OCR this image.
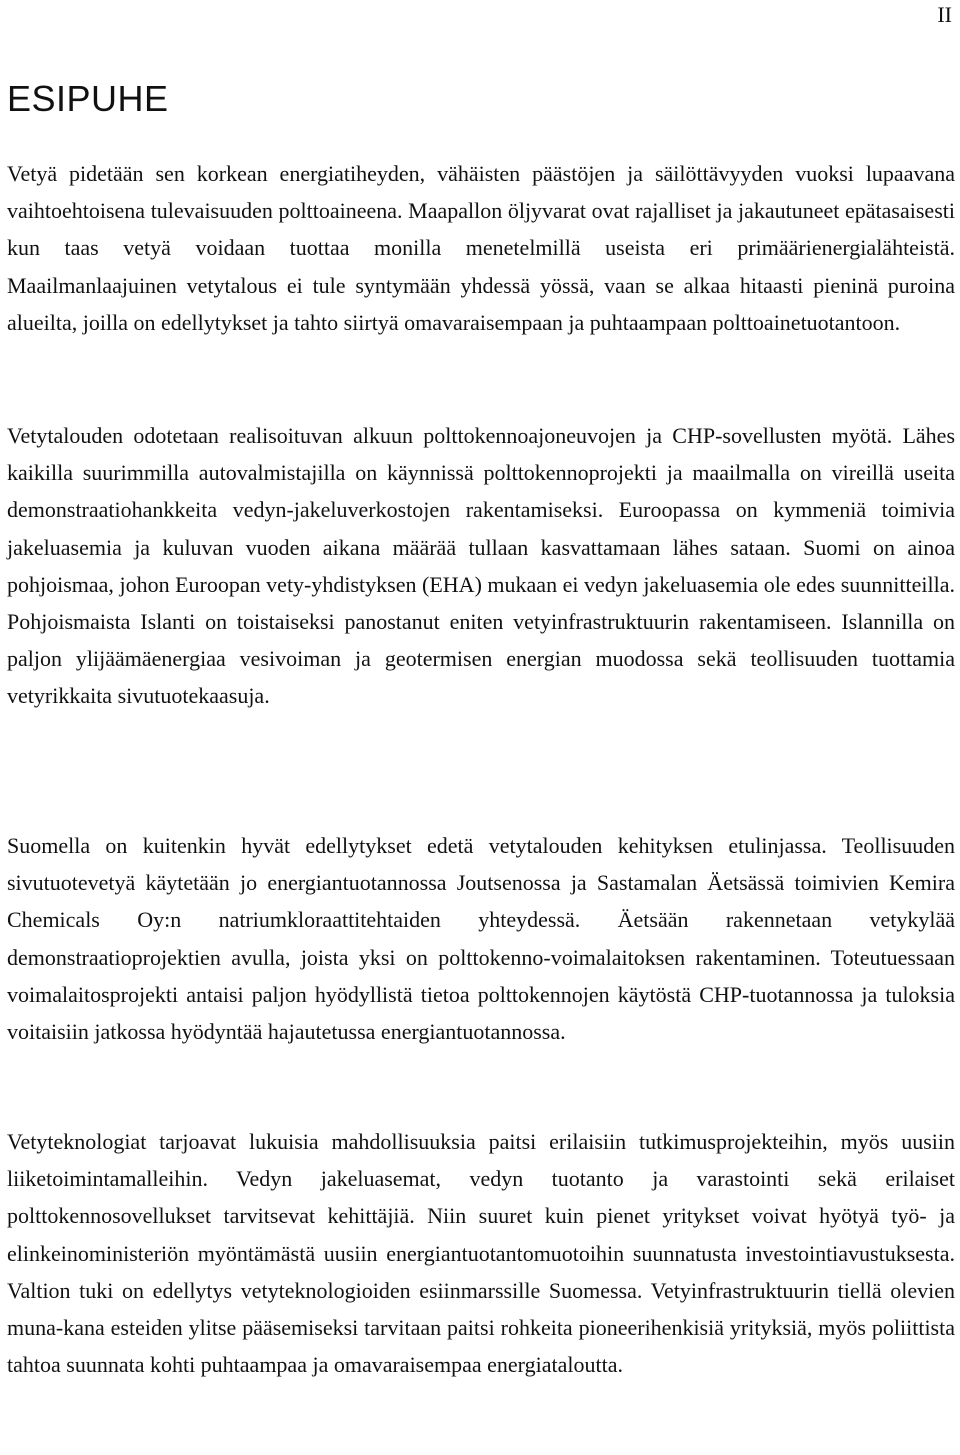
II
ESIPUHE

Vetyä pidetään sen korkean energiatiheyden, vähäisten päästöjen ja säilöttävyyden vuoksi lupaavana vaihtoehtoisena tulevaisuuden polttoaineena. Maapallon öljyvarat ovat rajalliset ja jakautuneet epätasaisesti kun taas vetyä voidaan tuottaa monilla menetelmillä useista eri primäärienergialähteistä. Maailmanlaajuinen vetytalous ei tule syntymään yhdessä yössä, vaan se alkaa hitaasti pieninä puroina alueilta, joilla on edellytykset ja tahto siirtyä omavaraisempaan ja puhtaampaan polttoainetuotantoon.

Vetytalouden odotetaan realisoituvan alkuun polttokennoajoneuvojen ja CHP-sovellusten myötä. Lähes kaikilla suurimmilla autovalmistajilla on käynnissä polttokennoprojekti ja maailmalla on vireillä useita demonstraatiohankkeita vedyn-jakeluverkostojen rakentamiseksi. Euroopassa on kymmeniä toimivia jakeluasemia ja kuluvan vuoden aikana määrää tullaan kasvattamaan lähes sataan. Suomi on ainoa pohjoismaa, johon Euroopan vety-yhdistyksen (EHA) mukaan ei vedyn jakeluasemia ole edes suunnitteilla. Pohjoismaista Islanti on toistaiseksi panostanut eniten vetyinfrastruktuurin rakentamiseen. Islannilla on paljon ylijäämäenergiaa vesivoiman ja geotermisen energian muodossa sekä teollisuuden tuottamia vetyrikkaita sivutuotekaasuja.

Suomella on kuitenkin hyvät edellytykset edetä vetytalouden kehityksen etulinjassa. Teollisuuden sivutuotevetyä käytetään jo energiantuotannossa Joutsenossa ja Sastamalan Äetsässä toimivien Kemira Chemicals Oy:n natriumkloraattitehtaiden yhteydessä. Äetsään rakennetaan vetykylää demonstraatioprojektien avulla, joista yksi on polttokenno-voimalaitoksen rakentaminen. Toteutuessaan voimalaitosprojekti antaisi paljon hyödyllistä tietoa polttokennojen käytöstä CHP-tuotannossa ja tuloksia voitaisiin jatkossa hyödyntää hajautetussa energiantuotannossa.

Vetyteknologiat tarjoavat lukuisia mahdollisuuksia paitsi erilaisiin tutkimusprojekteihin, myös uusiin liiketoimintamalleihin. Vedyn jakeluasemat, vedyn tuotanto ja varastointi sekä erilaiset polttokennosovellukset tarvitsevat kehittäjiä. Niin suuret kuin pienet yritykset voivat hyötyä työ- ja elinkeinoministeriön myöntämästä uusiin energiantuotantomuotoihin suunnatusta investointiavustuksesta. Valtion tuki on edellytys vetyteknologioiden esiinmarssille Suomessa. Vetyinfrastruktuurin tiellä olevien muna-kana esteiden ylitse pääsemiseksi tarvitaan paitsi rohkeita pioneerihenkisiä yrityksiä, myös poliittista tahtoa suunnata kohti puhtaampaa ja omavaraisempaa energiataloutta.
